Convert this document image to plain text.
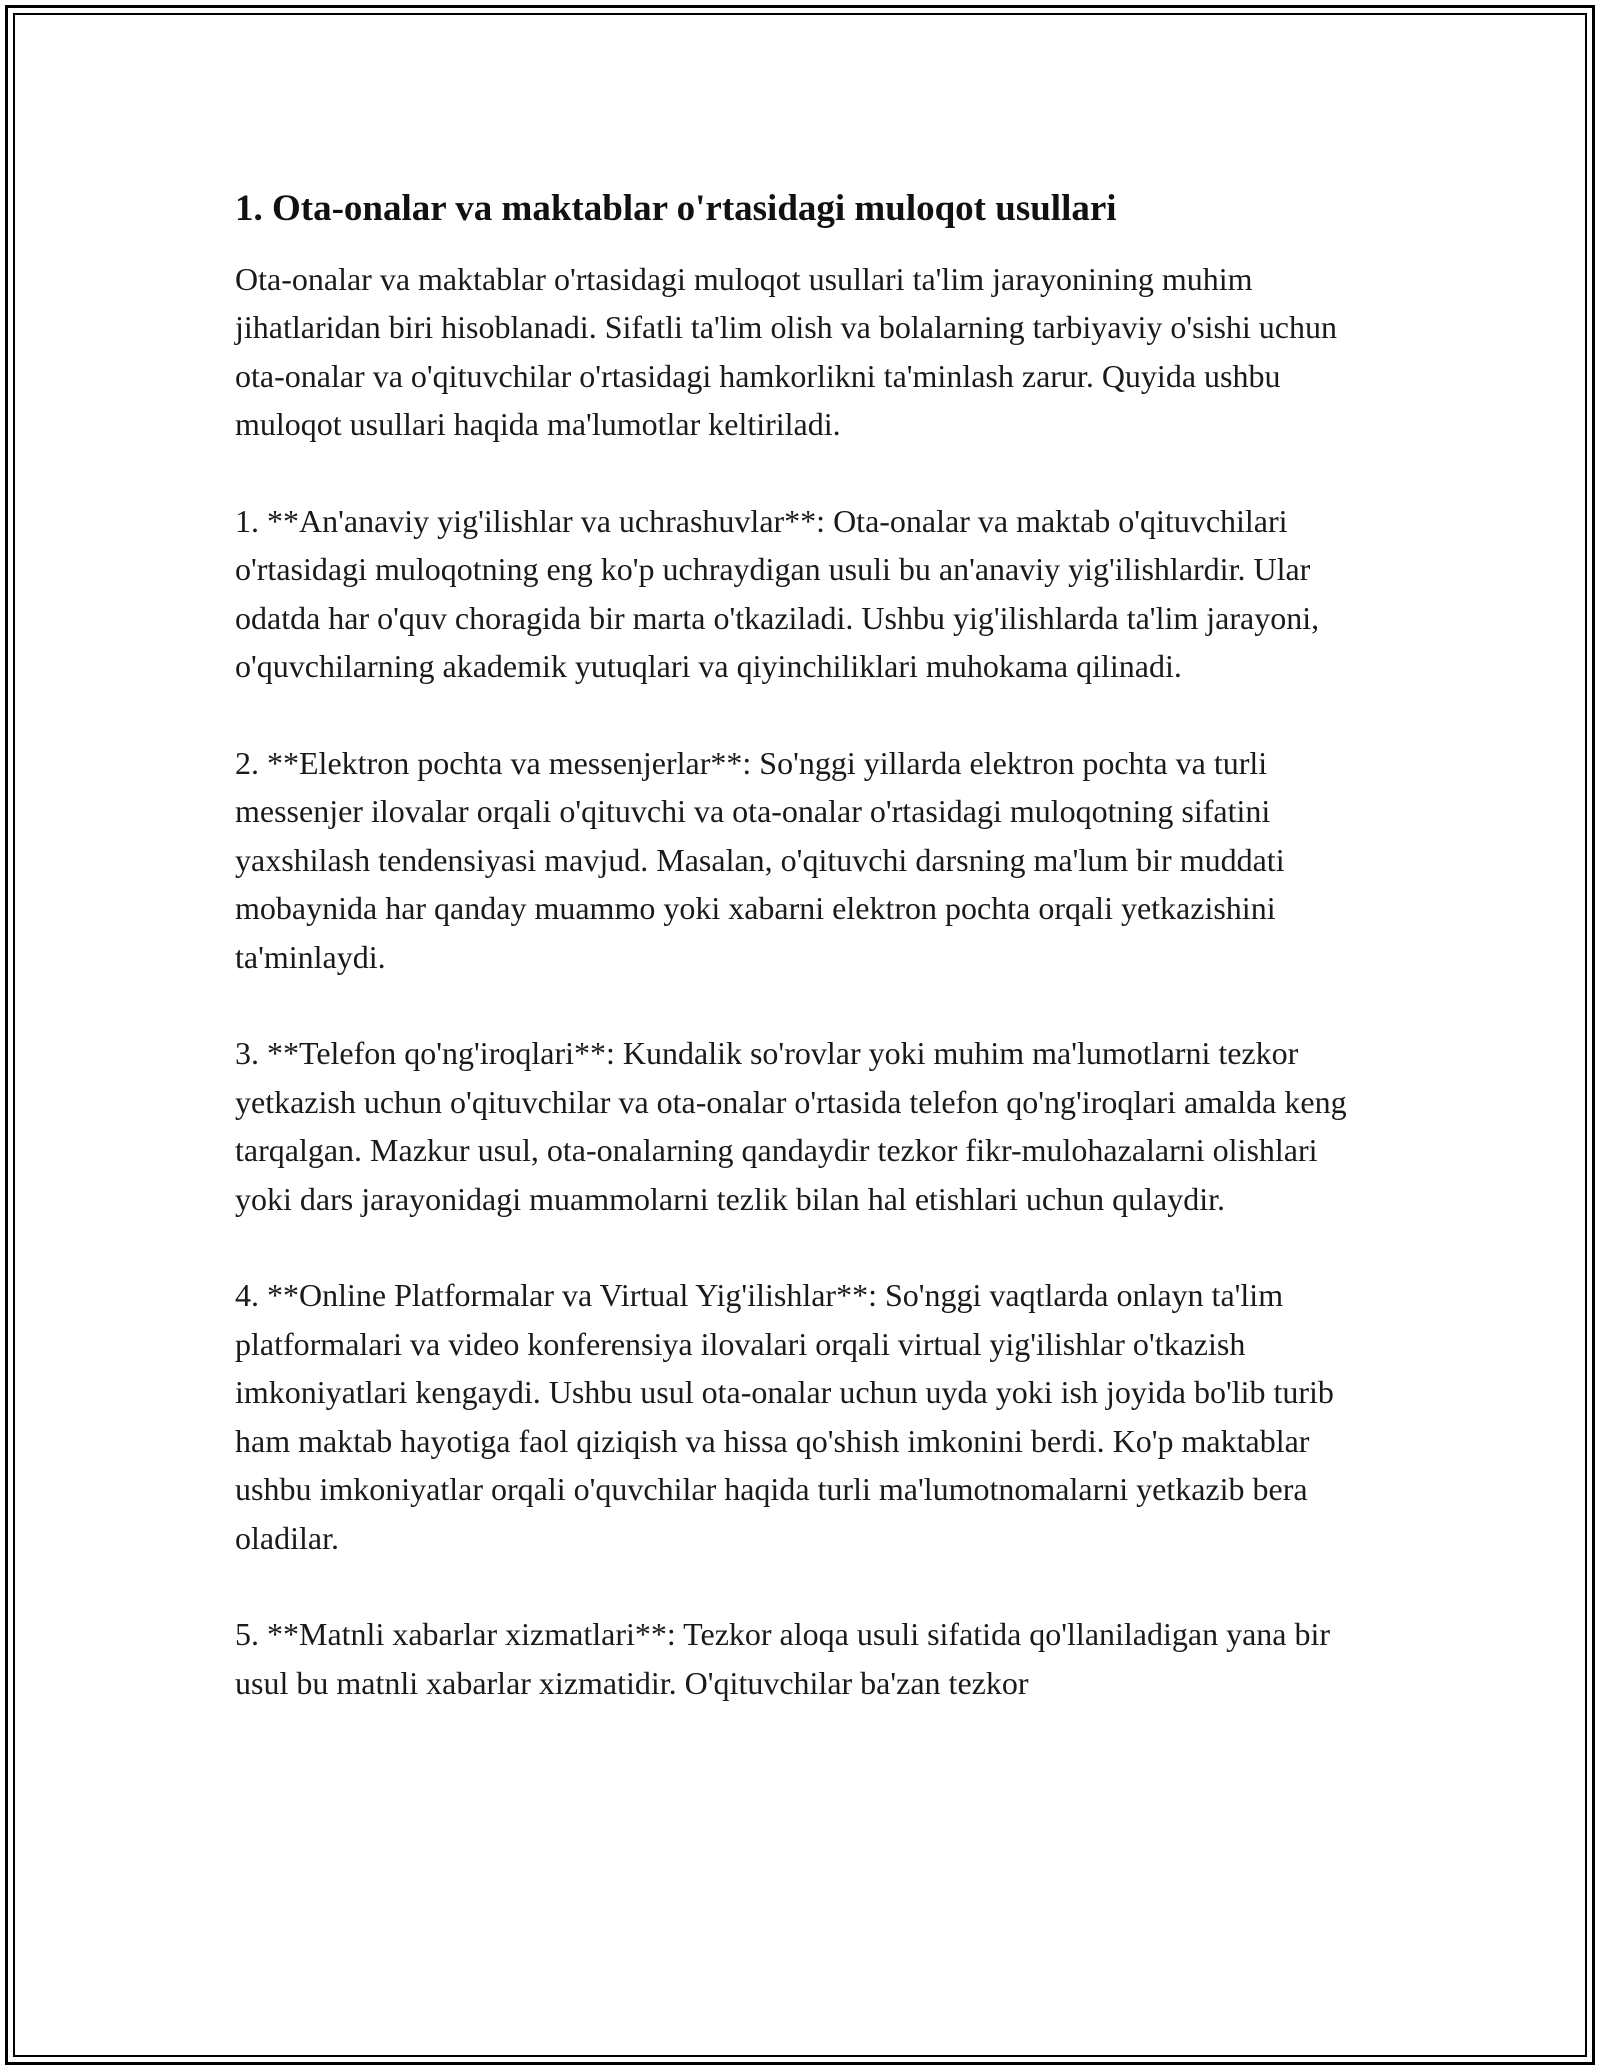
1. Ota-onalar va maktablar o'rtasidagi muloqot usullari

Ota-onalar va maktablar o'rtasidagi muloqot usullari ta'lim jarayonining muhim jihatlaridan biri hisoblanadi. Sifatli ta'lim olish va bolalarning tarbiyaviy o'sishi uchun ota-onalar va o'qituvchilar o'rtasidagi hamkorlikni ta'minlash zarur. Quyida ushbu muloqot usullari haqida ma'lumotlar keltiriladi.

1. **An'anaviy yig'ilishlar va uchrashuvlar**: Ota-onalar va maktab o'qituvchilari o'rtasidagi muloqotning eng ko'p uchraydigan usuli bu an'anaviy yig'ilishlardir. Ular odatda har o'quv choragida bir marta o'tkaziladi. Ushbu yig'ilishlarda ta'lim jarayoni, o'quvchilarning akademik yutuqlari va qiyinchiliklari muhokama qilinadi.

2. **Elektron pochta va messenjerlar**: So'nggi yillarda elektron pochta va turli messenjer ilovalar orqali o'qituvchi va ota-onalar o'rtasidagi muloqotning sifatini yaxshilash tendensiyasi mavjud. Masalan, o'qituvchi darsning ma'lum bir muddati mobaynida har qanday muammo yoki xabarni elektron pochta orqali yetkazishini ta'minlaydi.

3. **Telefon qo'ng'iroqlari**: Kundalik so'rovlar yoki muhim ma'lumotlarni tezkor yetkazish uchun o'qituvchilar va ota-onalar o'rtasida telefon qo'ng'iroqlari amalda keng tarqalgan. Mazkur usul, ota-onalarning qandaydir tezkor fikr-mulohazalarni olishlari yoki dars jarayonidagi muammolarni tezlik bilan hal etishlari uchun qulaydir.

4. **Online Platformalar va Virtual Yig'ilishlar**: So'nggi vaqtlarda onlayn ta'lim platformalari va video konferensiya ilovalari orqali virtual yig'ilishlar o'tkazish imkoniyatlari kengaydi. Ushbu usul ota-onalar uchun uyda yoki ish joyida bo'lib turib ham maktab hayotiga faol qiziqish va hissa qo'shish imkonini berdi. Ko'p maktablar ushbu imkoniyatlar orqali o'quvchilar haqida turli ma'lumotnomalarni yetkazib bera oladilar.

5. **Matnli xabarlar xizmatlari**: Tezkor aloqa usuli sifatida qo'llaniladigan yana bir usul bu matnli xabarlar xizmatidir. O'qituvchilar ba'zan tezkor
